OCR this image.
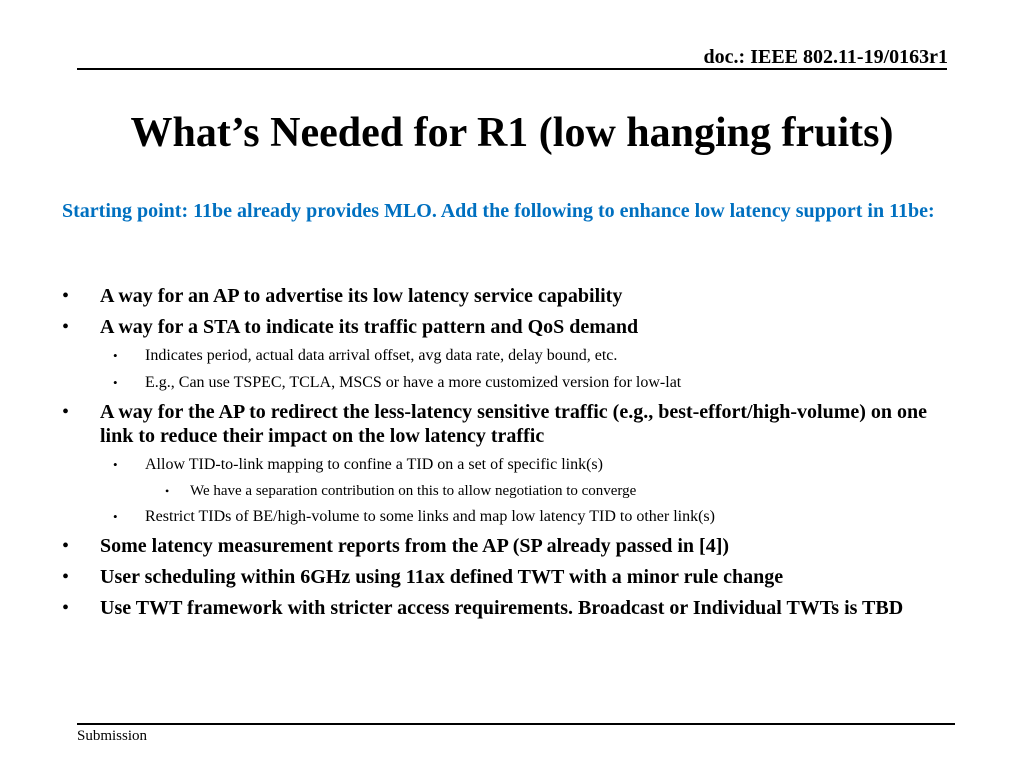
doc.: IEEE 802.11-19/0163r1
What’s Needed for R1 (low hanging fruits)
Starting point: 11be already provides MLO. Add the following to enhance low latency support in 11be:
• A way for an AP to advertise its low latency service capability
• A way for a STA to indicate its traffic pattern and QoS demand
• Indicates period, actual data arrival offset, avg data rate, delay bound, etc.
• E.g., Can use TSPEC, TCLA, MSCS or have a more customized version for low-lat
• A way for the AP to redirect the less-latency sensitive traffic (e.g., best-effort/high-volume) on one link to reduce their impact on the low latency traffic
• Allow TID-to-link mapping to confine a TID on a set of specific link(s)
• We have a separation contribution on this to allow negotiation to converge
• Restrict TIDs of BE/high-volume to some links and map low latency TID to other link(s)
• Some latency measurement reports from the AP (SP already passed in [4])
• User scheduling within 6GHz using 11ax defined TWT with a minor rule change
• Use TWT framework with stricter access requirements. Broadcast or Individual TWTs is TBD
Submission
